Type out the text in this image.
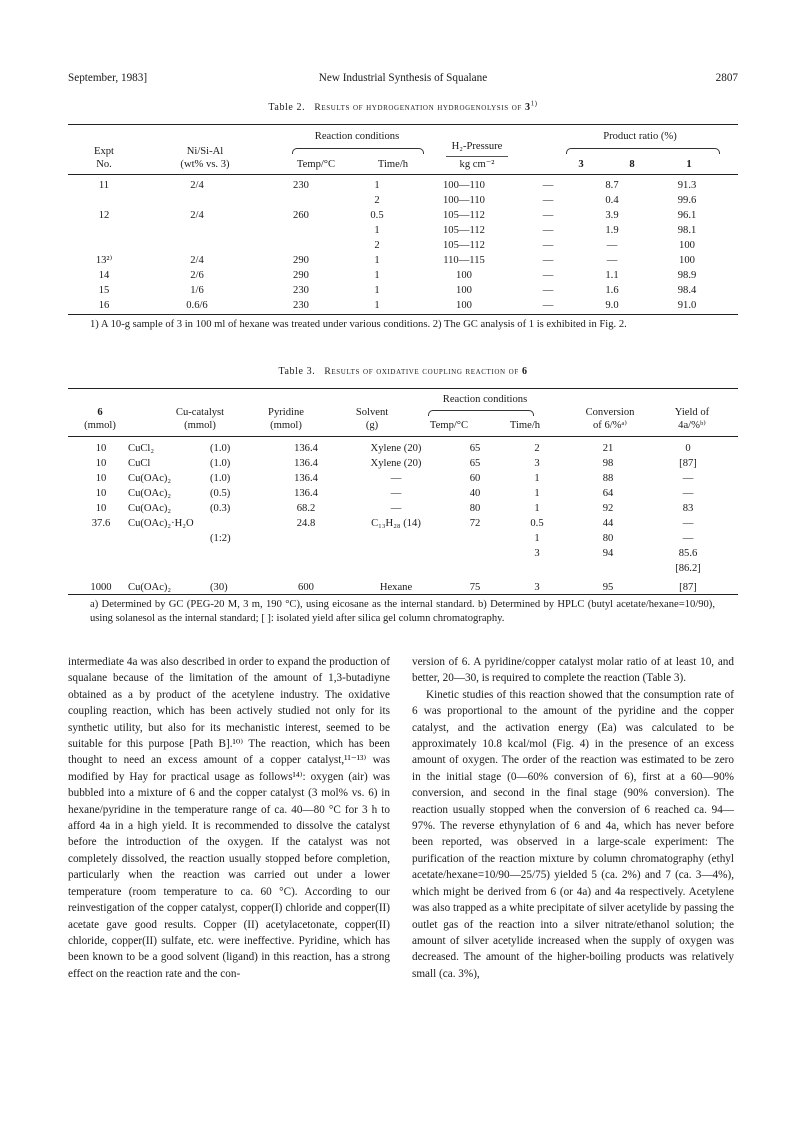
September, 1983]	New Industrial Synthesis of Squalane	2807
Table 2. Results of hydrogenation hydrogenolysis of 3$^{1)}$
Expt
No.
Ni/Si-Al
(wt% vs. 3)
Reaction conditions
Temp/°C	Time/h
H₂-Pressure
kg cm⁻²
Product ratio (%)
3	8	1
11	2/4	230	1	100—110	—	8.7	91.3
			2	100—110	—	0.4	99.6
12	2/4	260	0.5	105—112	—	3.9	96.1
			1	105—112	—	1.9	98.1
			2	105—112	—	—	100
13²⁾	2/4	290	1	110—115	—	—	100
14	2/6	290	1	100	—	1.1	98.9
15	1/6	230	1	100	—	1.6	98.4
16	0.6/6	230	1	100	—	9.0	91.0
1) A 10-g sample of 3 in 100 ml of hexane was treated under various conditions. 2) The GC analysis of 1 is exhibited in Fig. 2.
Table 3. Results of oxidative coupling reaction of 6
6
(mmol)
Cu-catalyst
(mmol)
Pyridine
(mmol)
Solvent
(g)
Reaction conditions
Temp/°C	Time/h
Conversion
of 6/%ᵃ⁾
Yield of
4a/%ᵇ⁾
10	CuCl₂	(1.0)	136.4	Xylene (20)	65	2	21	0
10	CuCl	(1.0)	136.4	Xylene (20)	65	3	98	[87]
10	Cu(OAc)₂	(1.0)	136.4	—	60	1	88	—
10	Cu(OAc)₂	(0.5)	136.4	—	40	1	64	—
10	Cu(OAc)₂	(0.3)	68.2	—	80	1	92	83
37.6	Cu(OAc)₂·H₂O		24.8	C₁₃H₂₈ (14)	72	0.5	44	—
		(1:2)				1	80	—
						3	94	85.6
								[86.2]
1000	Cu(OAc)₂	(30)	600	Hexane	75	3	95	[87]
a) Determined by GC (PEG-20 M, 3 m, 190 °C), using eicosane as the internal standard. b) Determined by HPLC (butyl acetate/hexane=10/90), using solanesol as the internal standard; [ ]: isolated yield after silica gel column chromatography.

intermediate 4a was also described in order to expand the production of squalane because of the limitation of the amount of 1,3-butadiyne obtained as a by product of the acetylene industry. The oxidative coupling reaction, which has been actively studied not only for its synthetic utility, but also for its mechanistic interest, seemed to be suitable for this purpose [Path B].¹⁰⁾ The reaction, which has been thought to need an excess amount of a copper catalyst,¹¹⁻¹³⁾ was modified by Hay for practical usage as follows¹⁴⁾: oxygen (air) was bubbled into a mixture of 6 and the copper catalyst (3 mol% vs. 6) in hexane/pyridine in the temperature range of ca. 40—80 °C for 3 h to afford 4a in a high yield. It is recommended to dissolve the catalyst before the introduction of the oxygen. If the catalyst was not completely dissolved, the reaction usually stopped before completion, particularly when the reaction was carried out under a lower temperature (room temperature to ca. 60 °C). According to our reinvestigation of the copper catalyst, copper(I) chloride and copper(II) acetate gave good results. Copper (II) acetylacetonate, copper(II) chloride, copper(II) sulfate, etc. were ineffective. Pyridine, which has been known to be a good solvent (ligand) in this reaction, has a strong effect on the reaction rate and the con-

version of 6. A pyridine/copper catalyst molar ratio of at least 10, and better, 20—30, is required to complete the reaction (Table 3).

Kinetic studies of this reaction showed that the consumption rate of 6 was proportional to the amount of the pyridine and the copper catalyst, and the activation energy (Ea) was calculated to be approximately 10.8 kcal/mol (Fig. 4) in the presence of an excess amount of oxygen. The order of the reaction was estimated to be zero in the initial stage (0—60% conversion of 6), first at a 60—90% conversion, and second in the final stage (90% conversion). The reaction usually stopped when the conversion of 6 reached ca. 94—97%. The reverse ethynylation of 6 and 4a, which has never before been reported, was observed in a large-scale experiment: The purification of the reaction mixture by column chromatography (ethyl acetate/hexane=10/90—25/75) yielded 5 (ca. 2%) and 7 (ca. 3—4%), which might be derived from 6 (or 4a) and 4a respectively. Acetylene was also trapped as a white precipitate of silver acetylide by passing the outlet gas of the reaction into a silver nitrate/ethanol solution; the amount of silver acetylide increased when the supply of oxygen was decreased. The amount of the higher-boiling products was relatively small (ca. 3%),
